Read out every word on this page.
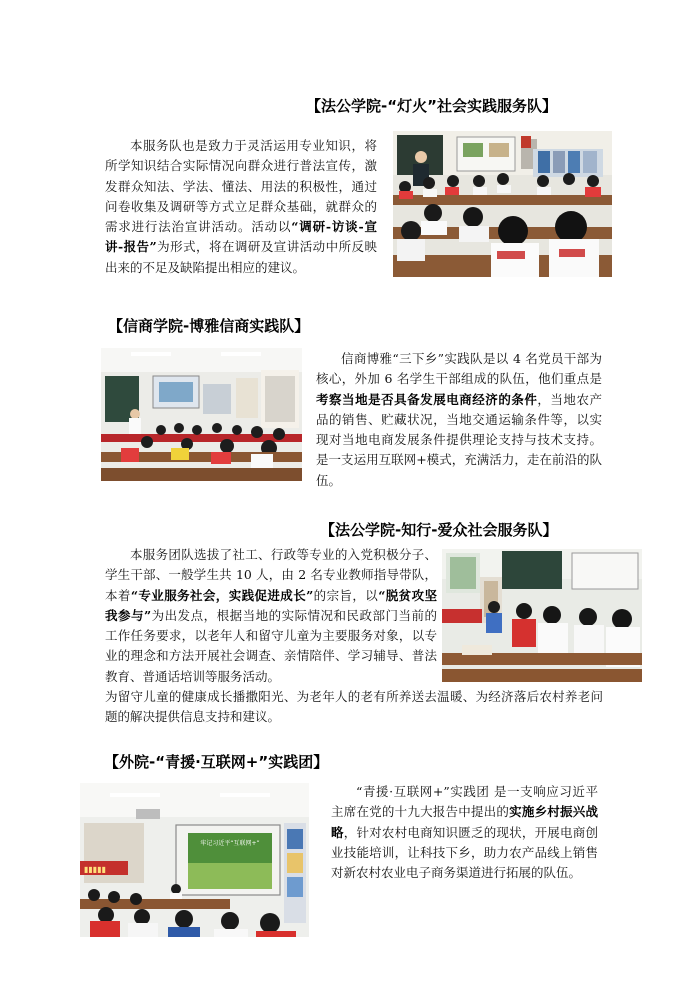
【法公学院-“灯火”社会实践服务队】
本服务队也是致力于灵活运用专业知识，将所学知识结合实际情况向群众进行普法宣传，激发群众知法、学法、懂法、用法的积极性，通过问卷收集及调研等方式立足群众基础，就群众的需求进行法治宣讲活动。活动以“调研-访谈-宣讲-报告”为形式，将在调研及宣讲活动中所反映出来的不足及缺陷提出相应的建议。
【信商学院-博雅信商实践队】
信商博雅“三下乡”实践队是以 4 名党员干部为核心，外加 6 名学生干部组成的队伍，他们重点是考察当地是否具备发展电商经济的条件，当地农产品的销售、贮藏状况，当地交通运输条件等，以实现对当地电商发展条件提供理论支持与技术支持。是一支运用互联网+模式，充满活力，走在前沿的队伍。
【法公学院-知行-爱众社会服务队】
本服务团队选拔了社工、行政等专业的入党积极分子、学生干部、一般学生共 10 人，由 2 名专业教师指导带队，本着“专业服务社会，实践促进成长”的宗旨，以“脱贫攻坚我参与”为出发点，根据当地的实际情况和民政部门当前的工作任务要求，以老年人和留守儿童为主要服务对象，以专业的理念和方法开展社会调查、亲情陪伴、学习辅导、普法教育、普通话培训等服务活动。
为留守儿童的健康成长播撒阳光、为老年人的老有所养送去温暖、为经济落后农村养老问题的解决提供信息支持和建议。
【外院-“青援·互联网+”实践团】
▮▮▮▮▮
牢记习近平“互联网+”
“青援·互联网+”实践团 是一支响应习近平主席在党的十九大报告中提出的实施乡村振兴战略，针对农村电商知识匮乏的现状，开展电商创业技能培训，让科技下乡，助力农产品线上销售 对新农村农业电子商务渠道进行拓展的队伍。
